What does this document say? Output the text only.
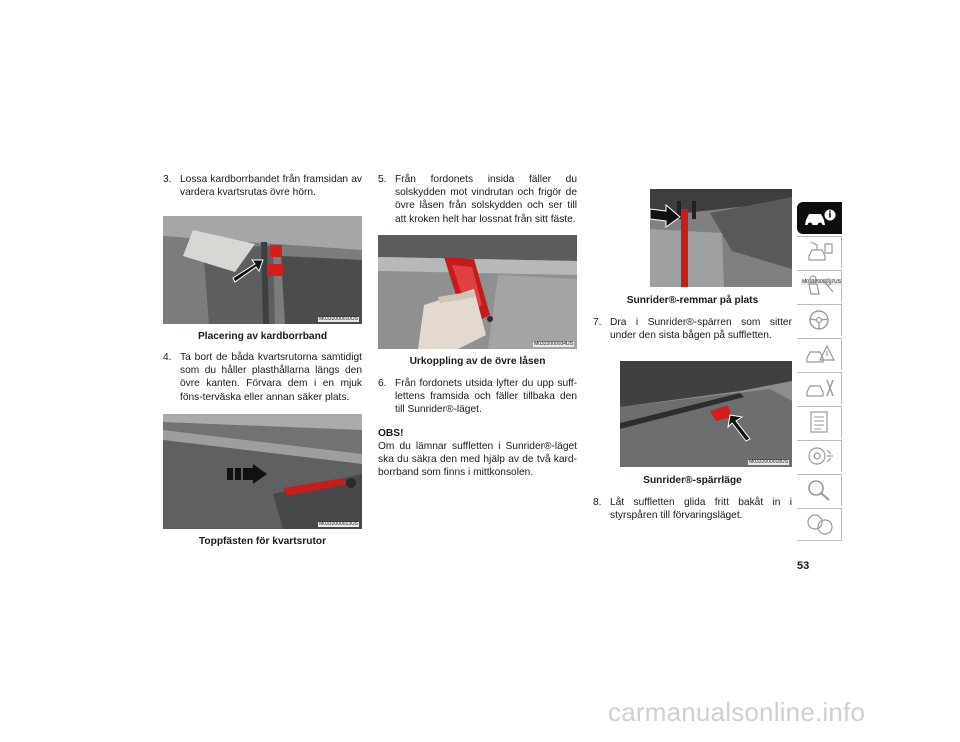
3. Lossa kardborrbandet från framsidan av vardera kvartsrutas övre hörn.
M0332000010US
Placering av kardborrband
4. Ta bort de båda kvartsrutorna samtidigt som du håller plasthållarna längs den övre kanten. Förvara dem i en mjuk föns-terväska eller annan säker plats.
M0332000013US
Toppfästen för kvartsrutor
5. Från fordonets insida fäller du solskydden mot vindrutan och frigör de övre låsen från solskydden och ser till att kroken helt har lossnat från sitt fäste.
M0332000034US
Urkoppling av de övre låsen
6. Från fordonets utsida lyfter du upp suff-lettens framsida och fäller tillbaka den till Sunrider®-läget.
OBS!
Om du lämnar suffletten i Sunrider®-läget ska du säkra den med hjälp av de två kard-borrband som finns i mittkonsolen.
M0332000017US
Sunrider®-remmar på plats
7. Dra i Sunrider®-spärren som sitter under den sista bågen på suffletten.
M0332000018US
Sunrider®-spärrläge
8. Låt suffletten glida fritt bakåt in i styrspåren till förvaringsläget.
53
carmanualsonline.info
